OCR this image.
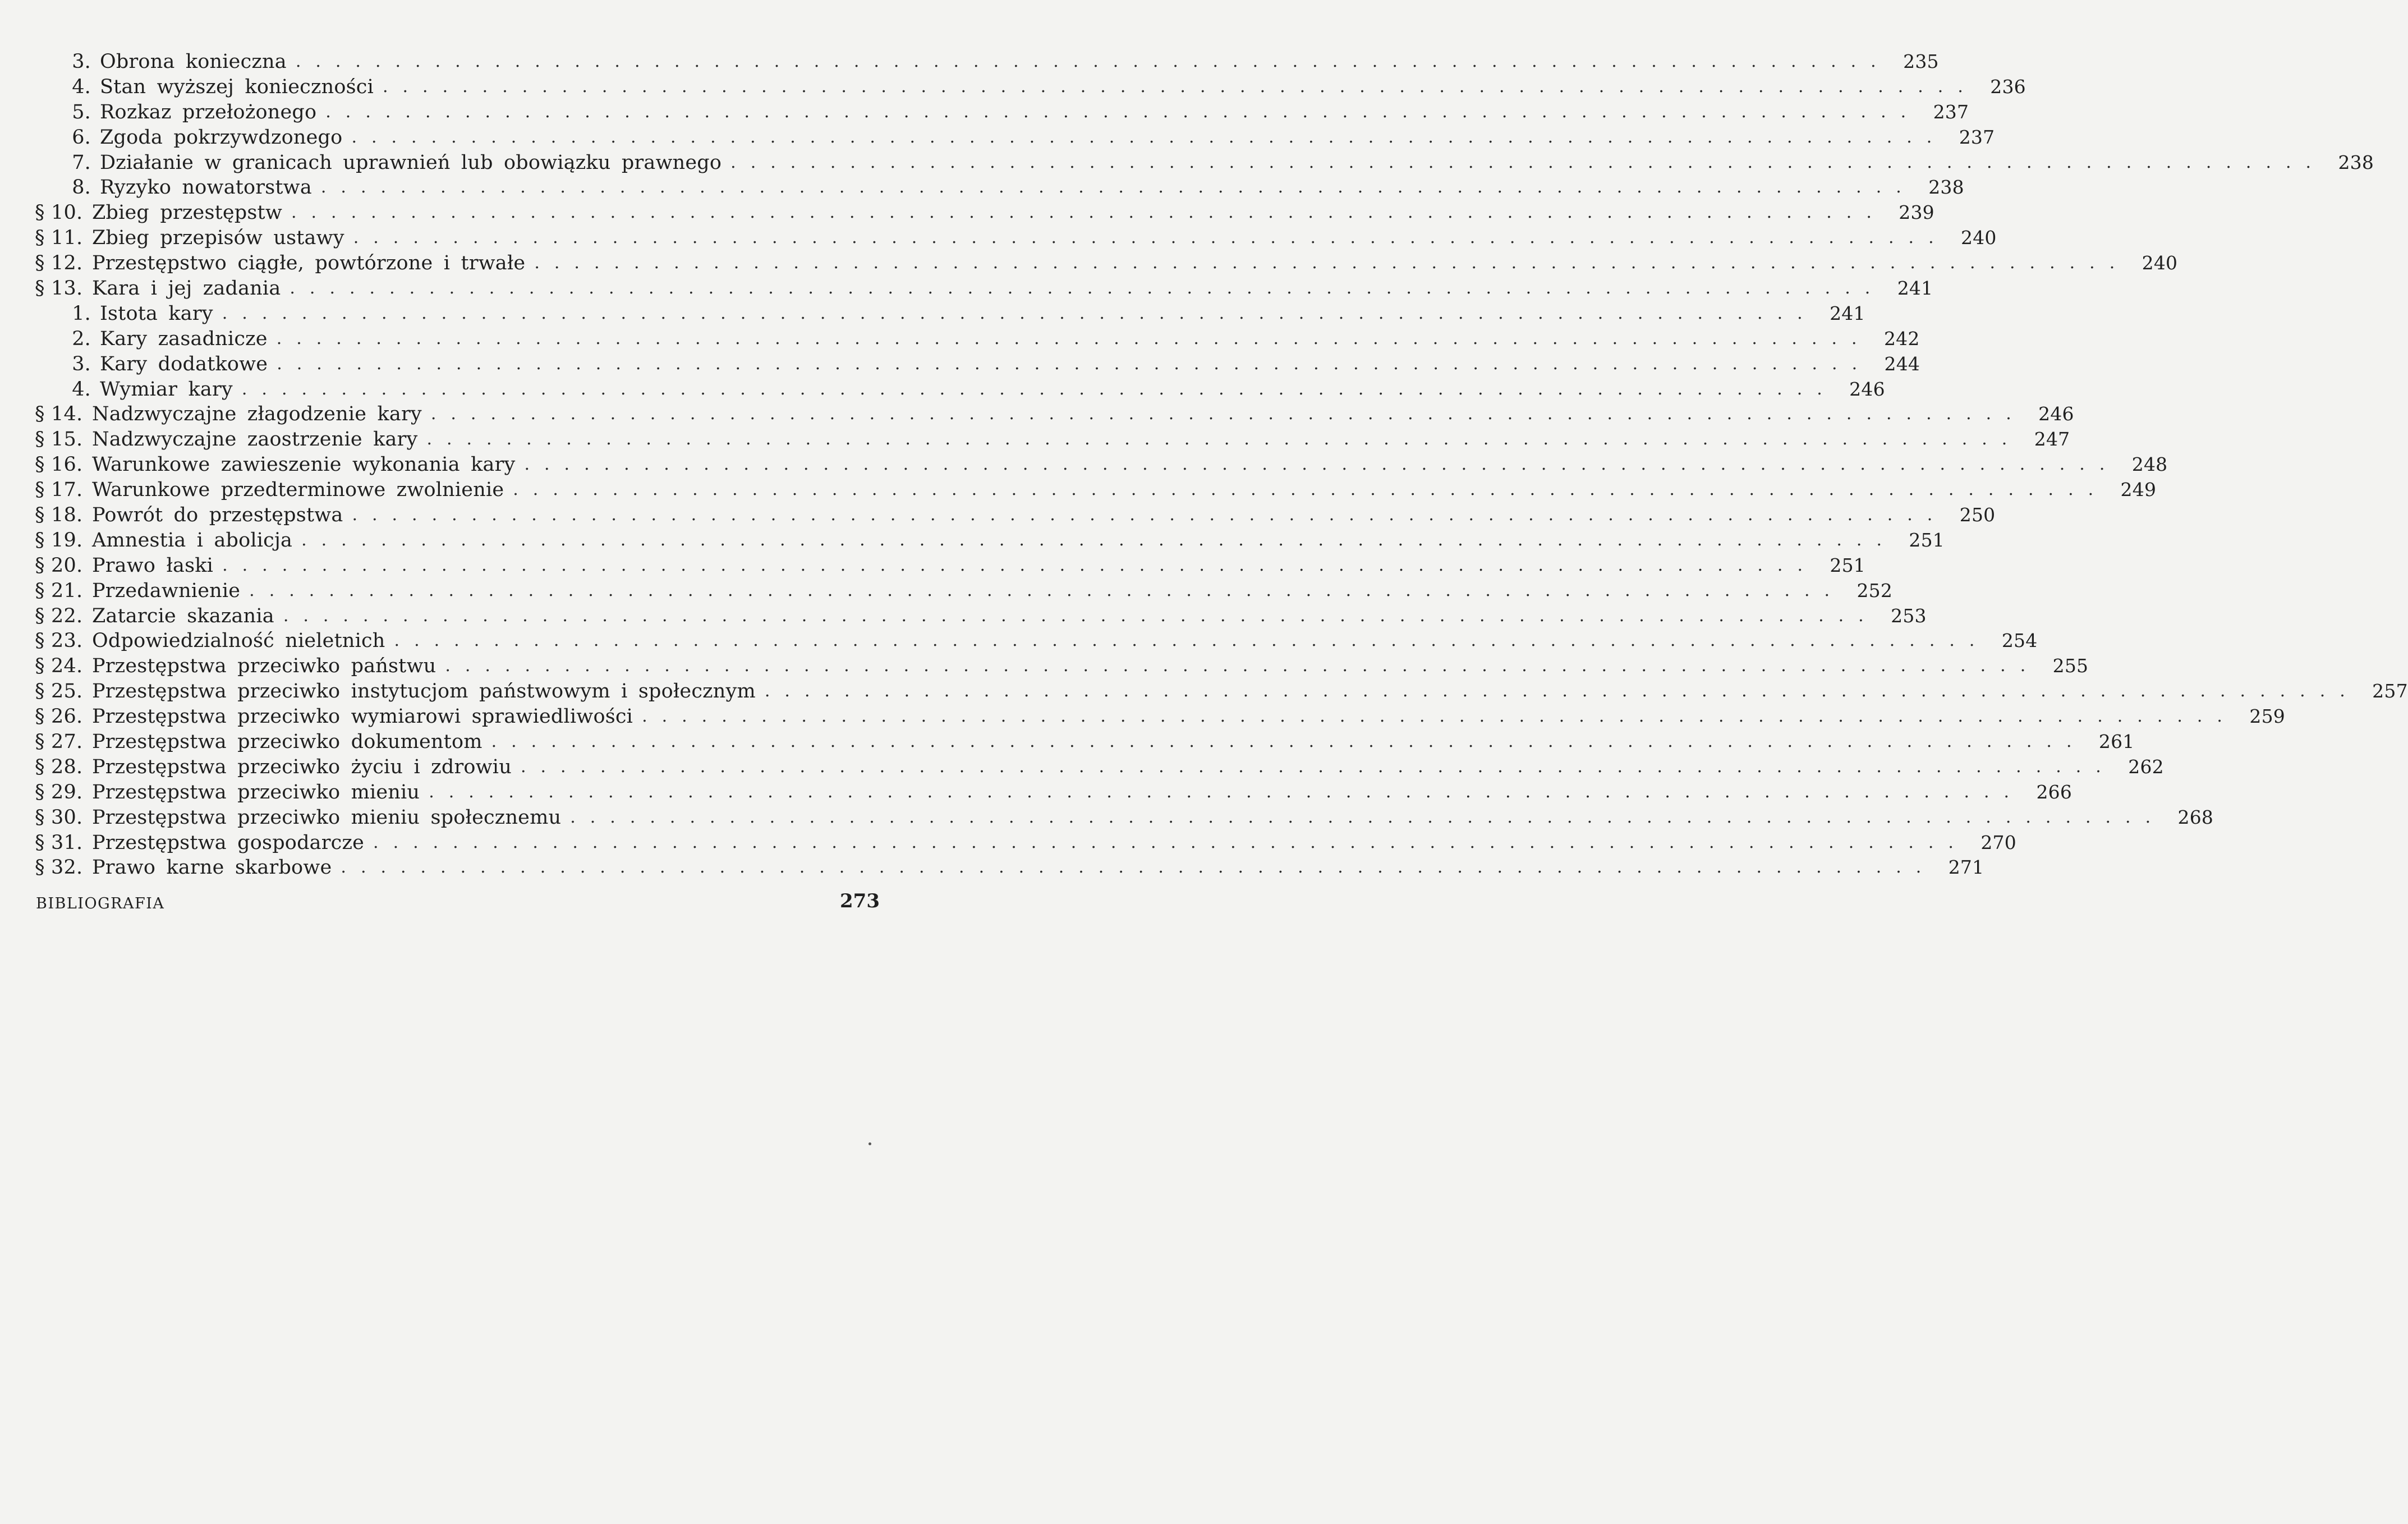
3. Obrona konieczna ................................................................................ 235
4. Stan wyższej konieczności ................................................................................ 236
5. Rozkaz przełożonego ................................................................................ 237
6. Zgoda pokrzywdzonego ................................................................................ 237
7. Działanie w granicach uprawnień lub obowiązku prawnego ................................................................................ 238
8. Ryzyko nowatorstwa ................................................................................ 238
§ 10. Zbieg przestępstw ................................................................................ 239
§ 11. Zbieg przepisów ustawy ................................................................................ 240
§ 12. Przestępstwo ciągłe, powtórzone i trwałe ................................................................................ 240
§ 13. Kara i jej zadania ................................................................................ 241
1. Istota kary ................................................................................ 241
2. Kary zasadnicze ................................................................................ 242
3. Kary dodatkowe ................................................................................ 244
4. Wymiar kary ................................................................................ 246
§ 14. Nadzwyczajne złagodzenie kary ................................................................................ 246
§ 15. Nadzwyczajne zaostrzenie kary ................................................................................ 247
§ 16. Warunkowe zawieszenie wykonania kary ................................................................................ 248
§ 17. Warunkowe przedterminowe zwolnienie ................................................................................ 249
§ 18. Powrót do przestępstwa ................................................................................ 250
§ 19. Amnestia i abolicja ................................................................................ 251
§ 20. Prawo łaski ................................................................................ 251
§ 21. Przedawnienie ................................................................................ 252
§ 22. Zatarcie skazania ................................................................................ 253
§ 23. Odpowiedzialność nieletnich ................................................................................ 254
§ 24. Przestępstwa przeciwko państwu ................................................................................ 255
§ 25. Przestępstwa przeciwko instytucjom państwowym i społecznym ................................................................................ 257
§ 26. Przestępstwa przeciwko wymiarowi sprawiedliwości ................................................................................ 259
§ 27. Przestępstwa przeciwko dokumentom ................................................................................ 261
§ 28. Przestępstwa przeciwko życiu i zdrowiu ................................................................................ 262
§ 29. Przestępstwa przeciwko mieniu ................................................................................ 266
§ 30. Przestępstwa przeciwko mieniu społecznemu ................................................................................ 268
§ 31. Przestępstwa gospodarcze ................................................................................ 270
§ 32. Prawo karne skarbowe ................................................................................ 271
BIBLIOGRAFIA	273
